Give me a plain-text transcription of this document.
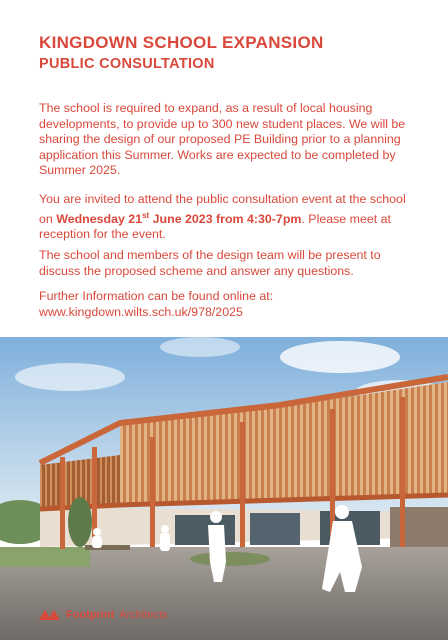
KINGDOWN SCHOOL EXPANSION
PUBLIC CONSULTATION

The school is required to expand, as a result of local housing developments, to provide up to 300 new student places. We will be sharing the design of our proposed PE Building prior to a planning application this Summer. Works are expected to be completed by Summer 2025.

You are invited to attend the public consultation event at the school on Wednesday 21st June 2023 from 4:30-7pm. Please meet at reception for the event.

The school and members of the design team will be present to discuss the proposed scheme and answer any questions.

Further Information can be found online at:
www.kingdown.wilts.sch.uk/978/2025

Footprint Architects
